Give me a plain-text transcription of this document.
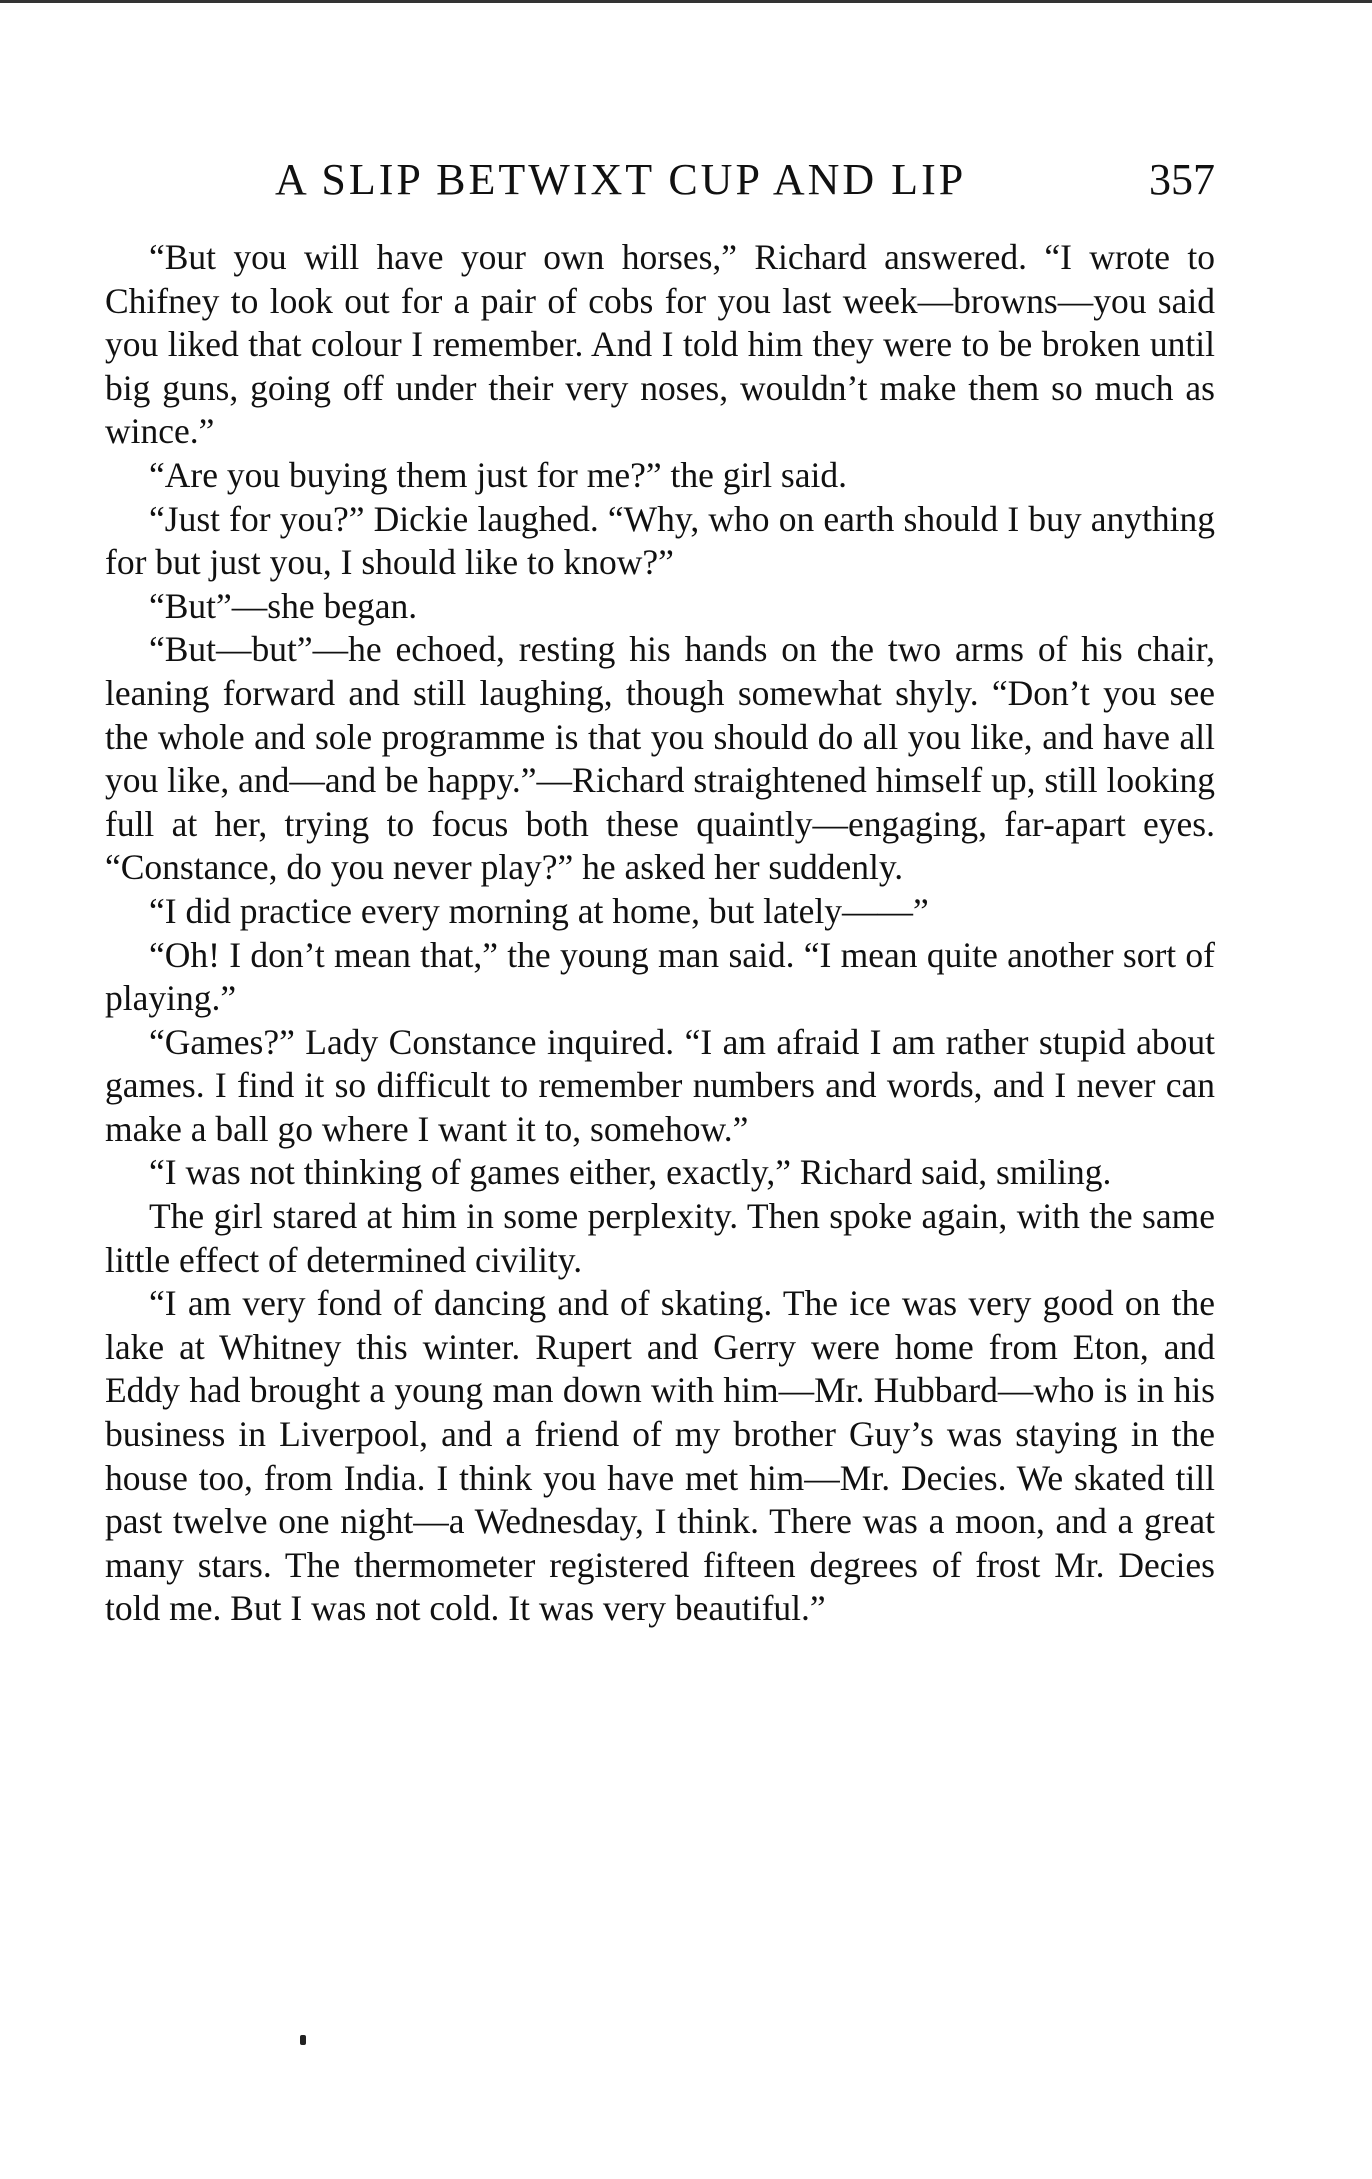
A SLIP BETWIXT CUP AND LIP	357

“But you will have your own horses,” Richard answered. “I wrote to Chifney to look out for a pair of cobs for you last week—browns—you said you liked that colour I remember. And I told him they were to be broken until big guns, going off under their very noses, wouldn’t make them so much as wince.”

“Are you buying them just for me?” the girl said.

“Just for you?” Dickie laughed. “Why, who on earth should I buy anything for but just you, I should like to know?”

“But”—she began.

“But—but”—he echoed, resting his hands on the two arms of his chair, leaning forward and still laughing, though somewhat shyly. “Don’t you see the whole and sole programme is that you should do all you like, and have all you like, and—and be happy.”—Richard straightened himself up, still looking full at her, trying to focus both these quaintly—engaging, far-apart eyes. “Constance, do you never play?” he asked her suddenly.

“I did practice every morning at home, but lately——”

“Oh! I don’t mean that,” the young man said. “I mean quite another sort of playing.”

“Games?” Lady Constance inquired. “I am afraid I am rather stupid about games. I find it so difficult to remember numbers and words, and I never can make a ball go where I want it to, somehow.”

“I was not thinking of games either, exactly,” Richard said, smiling.

The girl stared at him in some perplexity. Then spoke again, with the same little effect of determined civility.

“I am very fond of dancing and of skating. The ice was very good on the lake at Whitney this winter. Rupert and Gerry were home from Eton, and Eddy had brought a young man down with him—Mr. Hubbard—who is in his business in Liverpool, and a friend of my brother Guy’s was staying in the house too, from India. I think you have met him—Mr. Decies. We skated till past twelve one night—a Wednesday, I think. There was a moon, and a great many stars. The thermometer registered fifteen degrees of frost Mr. Decies told me. But I was not cold. It was very beautiful.”
